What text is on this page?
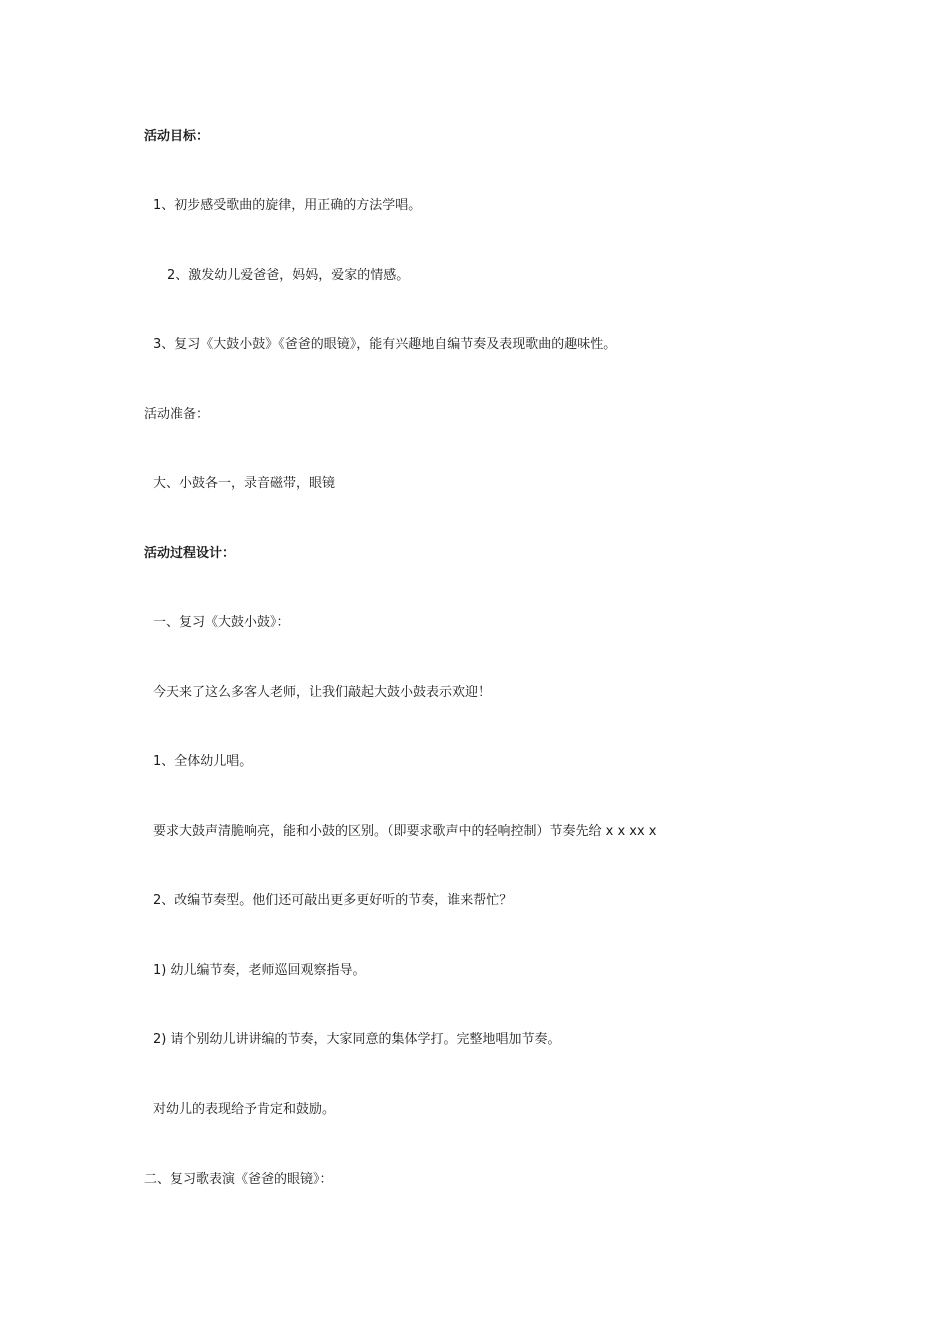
活动目标：
1、初步感受歌曲的旋律，用正确的方法学唱。
2、激发幼儿爱爸爸，妈妈，爱家的情感。
3、复习《大鼓小鼓》《爸爸的眼镜》，能有兴趣地自编节奏及表现歌曲的趣味性。
活动准备：
大、小鼓各一，录音磁带，眼镜
活动过程设计：
一、复习《大鼓小鼓》：
今天来了这么多客人老师，让我们敲起大鼓小鼓表示欢迎！
1、全体幼儿唱。
要求大鼓声清脆响亮，能和小鼓的区别。（即要求歌声中的轻响控制）节奏先给 x x xx x
2、改编节奏型。他们还可敲出更多更好听的节奏，谁来帮忙？
1) 幼儿编节奏，老师巡回观察指导。
2) 请个别幼儿讲讲编的节奏，大家同意的集体学打。完整地唱加节奏。
对幼儿的表现给予肯定和鼓励。
二、复习歌表演《爸爸的眼镜》：
